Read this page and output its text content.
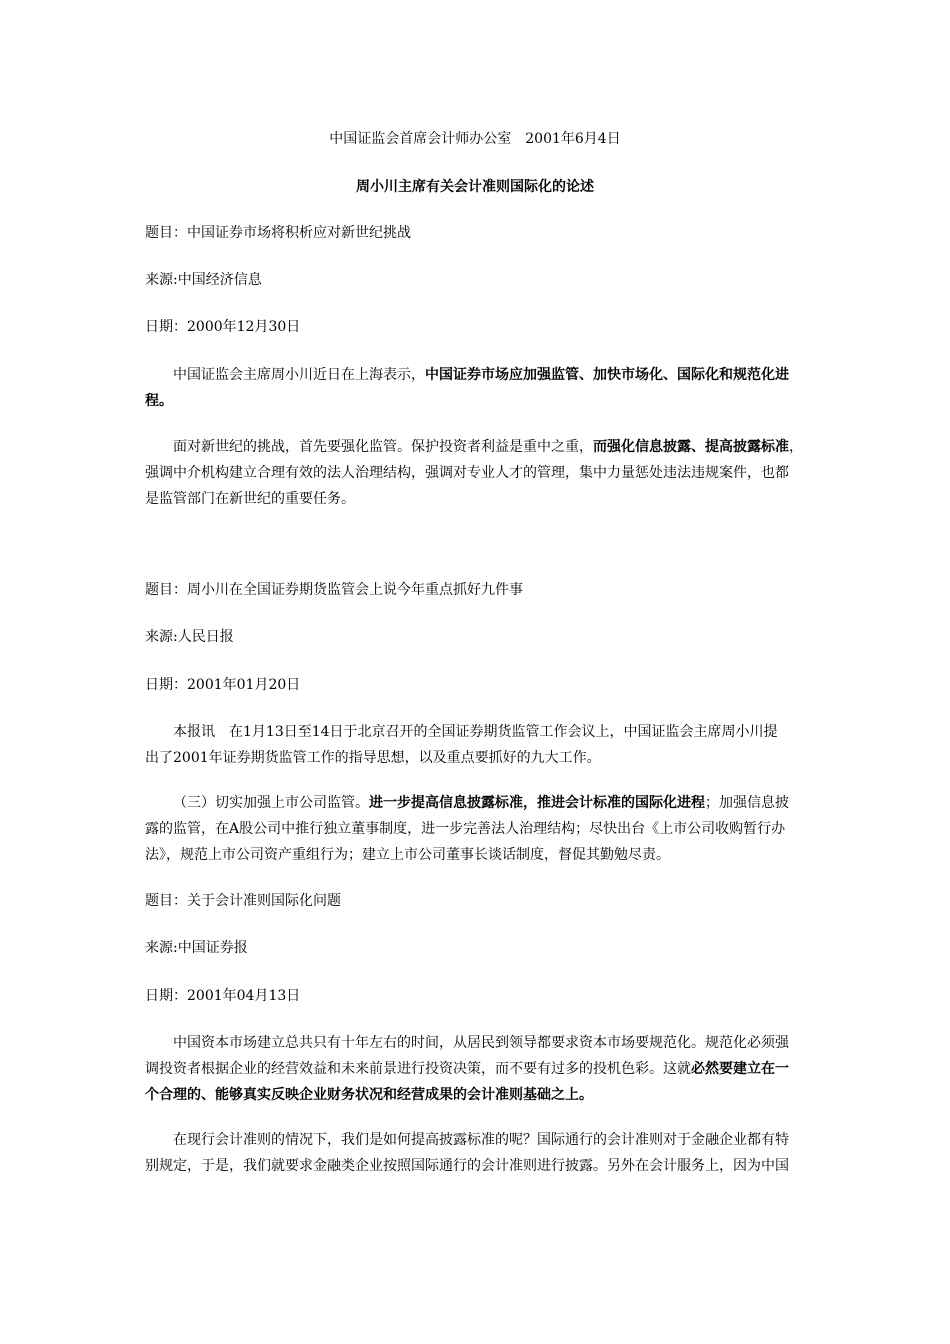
中国证监会首席会计师办公室　2001年6月4日

周小川主席有关会计准则国际化的论述

题目：中国证券市场将积析应对新世纪挑战

来源:中国经济信息

日期：2000年12月30日

中国证监会主席周小川近日在上海表示，中国证券市场应加强监管、加快市场化、国际化和规范化进

程。

面对新世纪的挑战，首先要强化监管。保护投资者利益是重中之重，而强化信息披露、提高披露标准，

强调中介机构建立合理有效的法人治理结构，强调对专业人才的管理，集中力量惩处违法违规案件，也都

是监管部门在新世纪的重要任务。

题目：周小川在全国证券期货监管会上说今年重点抓好九件事

来源:人民日报

日期：2001年01月20日

本报讯　在1月13日至14日于北京召开的全国证券期货监管工作会议上，中国证监会主席周小川提

出了2001年证券期货监管工作的指导思想，以及重点要抓好的九大工作。

（三）切实加强上市公司监管。进一步提高信息披露标准，推进会计标准的国际化进程；加强信息披

露的监管，在A股公司中推行独立董事制度，进一步完善法人治理结构；尽快出台《上市公司收购暂行办

法》，规范上市公司资产重组行为；建立上市公司董事长谈话制度，督促其勤勉尽责。

题目：关于会计准则国际化问题

来源:中国证券报

日期：2001年04月13日

中国资本市场建立总共只有十年左右的时间，从居民到领导都要求资本市场要规范化。规范化必须强

调投资者根据企业的经营效益和未来前景进行投资决策，而不要有过多的投机色彩。这就必然要建立在一

个合理的、能够真实反映企业财务状况和经营成果的会计准则基础之上。

在现行会计准则的情况下，我们是如何提高披露标准的呢？国际通行的会计准则对于金融企业都有特

别规定，于是，我们就要求金融类企业按照国际通行的会计准则进行披露。另外在会计服务上，因为中国
